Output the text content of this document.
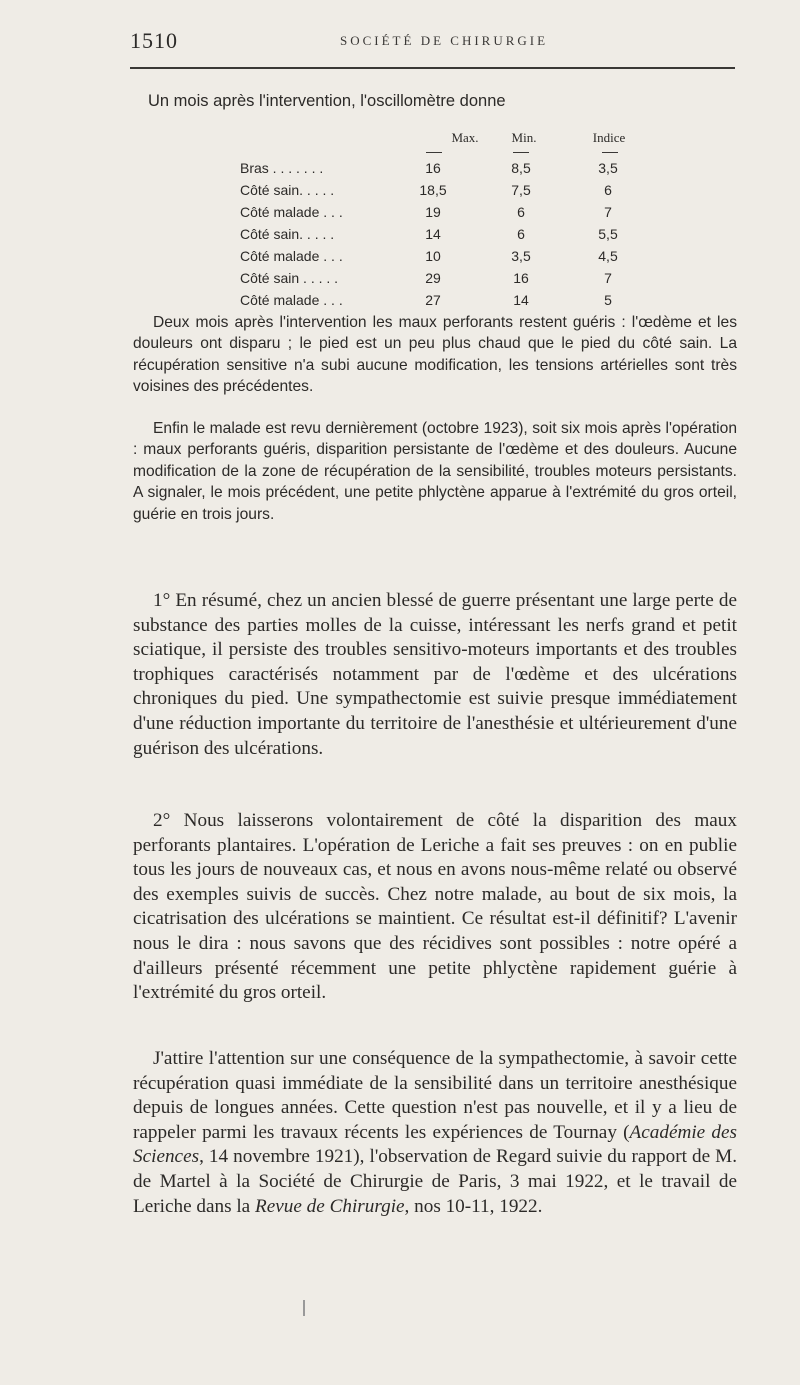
1510	SOCIÉTÉ DE CHIRURGIE
Un mois après l'intervention, l'oscillomètre donne
Max.	Min.	Indice
Bras . . . . . . .	16	8,5	3,5
Côté sain. . . . .	18,5	7,5	6
Côté malade . . .	19	6	7
Côté sain. . . . .	14	6	5,5
Côté malade . . .	10	3,5	4,5
Côté sain . . . . .	29	16	7
Côté malade . . .	27	14	5

Deux mois après l'intervention les maux perforants restent guéris : l'œdème et les douleurs ont disparu ; le pied est un peu plus chaud que le pied du côté sain. La récupération sensitive n'a subi aucune modification, les tensions artérielles sont très voisines des précédentes.

Enfin le malade est revu dernièrement (octobre 1923), soit six mois après l'opération : maux perforants guéris, disparition persistante de l'œdème et des douleurs. Aucune modification de la zone de récupération de la sensibilité, troubles moteurs persistants. A signaler, le mois précédent, une petite phlyctène apparue à l'extrémité du gros orteil, guérie en trois jours.

1° En résumé, chez un ancien blessé de guerre présentant une large perte de substance des parties molles de la cuisse, intéressant les nerfs grand et petit sciatique, il persiste des troubles sensitivo-moteurs importants et des troubles trophiques caractérisés notamment par de l'œdème et des ulcérations chroniques du pied. Une sympathectomie est suivie presque immédiatement d'une réduction importante du territoire de l'anesthésie et ultérieurement d'une guérison des ulcérations.

2° Nous laisserons volontairement de côté la disparition des maux perforants plantaires. L'opération de Leriche a fait ses preuves : on en publie tous les jours de nouveaux cas, et nous en avons nous-même relaté ou observé des exemples suivis de succès. Chez notre malade, au bout de six mois, la cicatrisation des ulcérations se maintient. Ce résultat est-il définitif? L'avenir nous le dira : nous savons que des récidives sont possibles : notre opéré a d'ailleurs présenté récemment une petite phlyctène rapidement guérie à l'extrémité du gros orteil.

J'attire l'attention sur une conséquence de la sympathectomie, à savoir cette récupération quasi immédiate de la sensibilité dans un territoire anesthésique depuis de longues années. Cette question n'est pas nouvelle, et il y a lieu de rappeler parmi les travaux récents les expériences de Tournay (Académie des Sciences, 14 novembre 1921), l'observation de Regard suivie du rapport de M. de Martel à la Société de Chirurgie de Paris, 3 mai 1922, et le travail de Leriche dans la Revue de Chirurgie, nos 10-11, 1922.
